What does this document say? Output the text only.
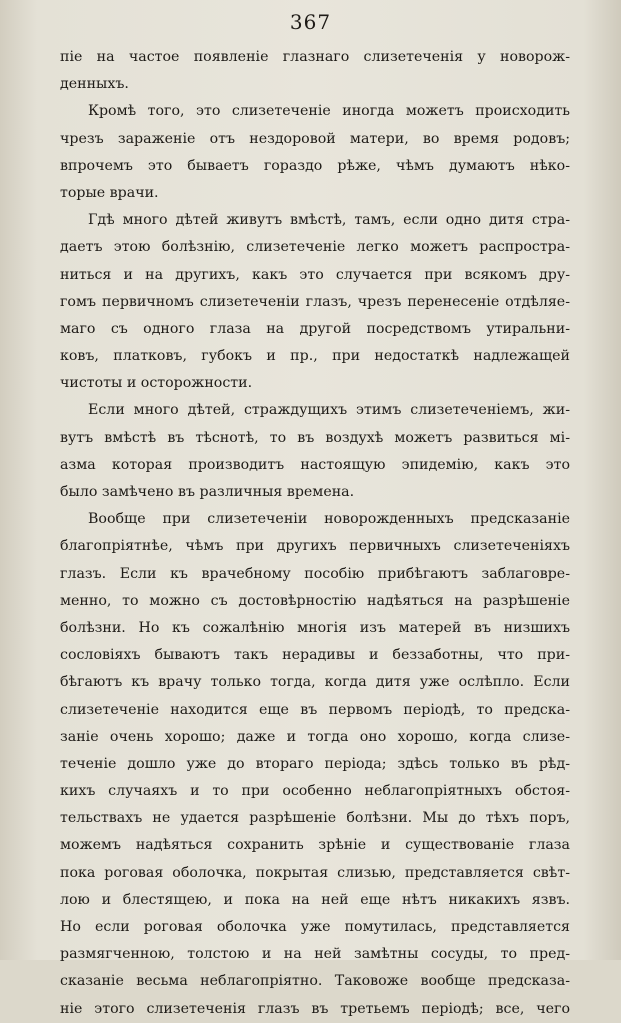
367
піе на частое появленіе глазнаго слизетеченія у новорож-
денныхъ.
Кромѣ того, это слизетеченіе иногда можетъ происходить
чрезъ зараженіе отъ нездоровой матери, во время родовъ;
впрочемъ это бываетъ гораздо рѣже, чѣмъ думаютъ нѣко-
торые врачи.
Гдѣ много дѣтей живутъ вмѣстѣ, тамъ, если одно дитя стра-
даетъ этою болѣзнію, слизетеченіе легко можетъ распростра-
ниться и на другихъ, какъ это случается при всякомъ дру-
гомъ первичномъ слизетеченіи глазъ, чрезъ перенесеніе отдѣляе-
маго съ одного глаза на другой посредствомъ утиральни-
ковъ, платковъ, губокъ и пр., при недостаткѣ надлежащей
чистоты и осторожности.
Если много дѣтей, страждущихъ этимъ слизетеченіемъ, жи-
вутъ вмѣстѣ въ тѣснотѣ, то въ воздухѣ можетъ развиться мі-
азма которая производитъ настоящую эпидемію, какъ это
было замѣчено въ различныя времена.
Вообще при слизетеченіи новорожденныхъ предсказаніе
благопріятнѣе, чѣмъ при другихъ первичныхъ слизетеченіяхъ
глазъ. Если къ врачебному пособію прибѣгаютъ заблаговре-
менно, то можно съ достовѣрностію надѣяться на разрѣшеніе
болѣзни. Но къ сожалѣнію многія изъ матерей въ низшихъ
сословіяхъ бываютъ такъ нерадивы и беззаботны, что при-
бѣгаютъ къ врачу только тогда, когда дитя уже ослѣпло. Если
слизетеченіе находится еще въ первомъ періодѣ, то предска-
заніе очень хорошо; даже и тогда оно хорошо, когда слизе-
теченіе дошло уже до втораго періода; здѣсь только въ рѣд-
кихъ случаяхъ и то при особенно неблагопріятныхъ обстоя-
тельствахъ не удается разрѣшеніе болѣзни. Мы до тѣхъ поръ,
можемъ надѣяться сохранить зрѣніе и существованіе глаза
пока роговая оболочка, покрытая слизью, представляется свѣт-
лою и блестящею, и пока на ней еще нѣтъ никакихъ язвъ.
Но если роговая оболочка уже помутилась, представляется
размягченною, толстою и на ней замѣтны сосуды, то пред-
сказаніе весьма неблагопріятно. Таковоже вообще предсказа-
ніе этого слизетеченія глазъ въ третьемъ періодѣ; все, чего
